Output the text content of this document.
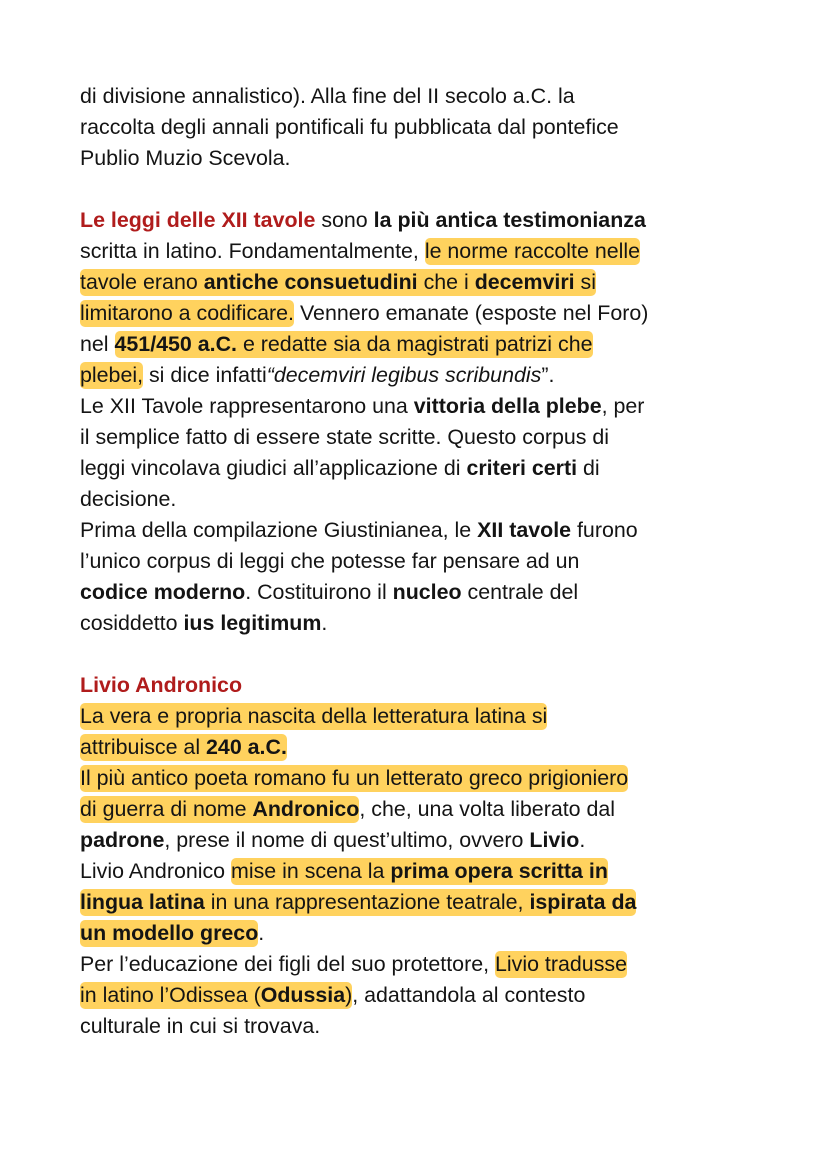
di divisione annalistico). Alla fine del II secolo a.C. la
raccolta degli annali pontificali fu pubblicata dal pontefice
Publio Muzio Scevola.

Le leggi delle XII tavole sono la più antica testimonianza
scritta in latino. Fondamentalmente, le norme raccolte nelle
tavole erano antiche consuetudini che i decemviri si
limitarono a codificare. Vennero emanate (esposte nel Foro)
nel 451/450 a.C. e redatte sia da magistrati patrizi che
plebei, si dice infatti“decemviri legibus scribundis”.
Le XII Tavole rappresentarono una vittoria della plebe, per
il semplice fatto di essere state scritte. Questo corpus di
leggi vincolava giudici all’applicazione di criteri certi di
decisione.
Prima della compilazione Giustinianea, le XII tavole furono
l’unico corpus di leggi che potesse far pensare ad un
codice moderno. Costituirono il nucleo centrale del
cosiddetto ius legitimum.

Livio Andronico
La vera e propria nascita della letteratura latina si
attribuisce al 240 a.C.
Il più antico poeta romano fu un letterato greco prigioniero
di guerra di nome Andronico, che, una volta liberato dal
padrone, prese il nome di quest’ultimo, ovvero Livio.
Livio Andronico mise in scena la prima opera scritta in
lingua latina in una rappresentazione teatrale, ispirata da
un modello greco.
Per l’educazione dei figli del suo protettore, Livio tradusse
in latino l’Odissea (Odussia), adattandola al contesto
culturale in cui si trovava.
